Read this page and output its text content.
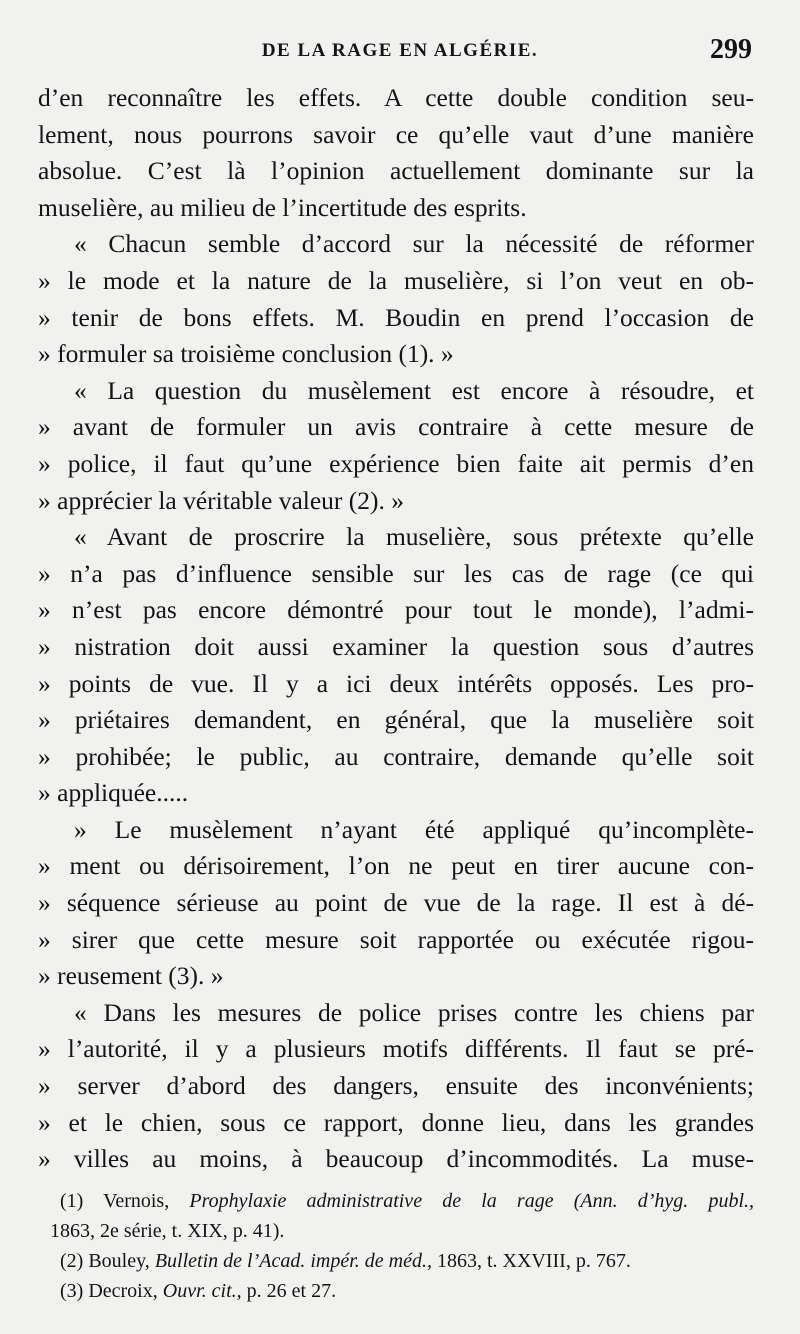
DE LA RAGE EN ALGÉRIE.	299
d’en reconnaître les effets. A cette double condition seu-
lement, nous pourrons savoir ce qu’elle vaut d’une manière
absolue. C’est là l’opinion actuellement dominante sur la
muselière, au milieu de l’incertitude des esprits.
« Chacun semble d’accord sur la nécessité de réformer
» le mode et la nature de la muselière, si l’on veut en ob-
» tenir de bons effets. M. Boudin en prend l’occasion de
» formuler sa troisième conclusion (1). »
« La question du musèlement est encore à résoudre, et
» avant de formuler un avis contraire à cette mesure de
» police, il faut qu’une expérience bien faite ait permis d’en
» apprécier la véritable valeur (2). »
« Avant de proscrire la muselière, sous prétexte qu’elle
» n’a pas d’influence sensible sur les cas de rage (ce qui
» n’est pas encore démontré pour tout le monde), l’admi-
» nistration doit aussi examiner la question sous d’autres
» points de vue. Il y a ici deux intérêts opposés. Les pro-
» priétaires demandent, en général, que la muselière soit
» prohibée; le public, au contraire, demande qu’elle soit
» appliquée.....
» Le musèlement n’ayant été appliqué qu’incomplète-
» ment ou dérisoirement, l’on ne peut en tirer aucune con-
» séquence sérieuse au point de vue de la rage. Il est à dé-
» sirer que cette mesure soit rapportée ou exécutée rigou-
» reusement (3). »
« Dans les mesures de police prises contre les chiens par
» l’autorité, il y a plusieurs motifs différents. Il faut se pré-
» server d’abord des dangers, ensuite des inconvénients;
» et le chien, sous ce rapport, donne lieu, dans les grandes
» villes au moins, à beaucoup d’incommodités. La muse-
(1) Vernois, Prophylaxie administrative de la rage (Ann. d’hyg. publ.,
1863, 2e série, t. XIX, p. 41).
(2) Bouley, Bulletin de l’Acad. impér. de méd., 1863, t. XXVIII, p. 767.
(3) Decroix, Ouvr. cit., p. 26 et 27.
